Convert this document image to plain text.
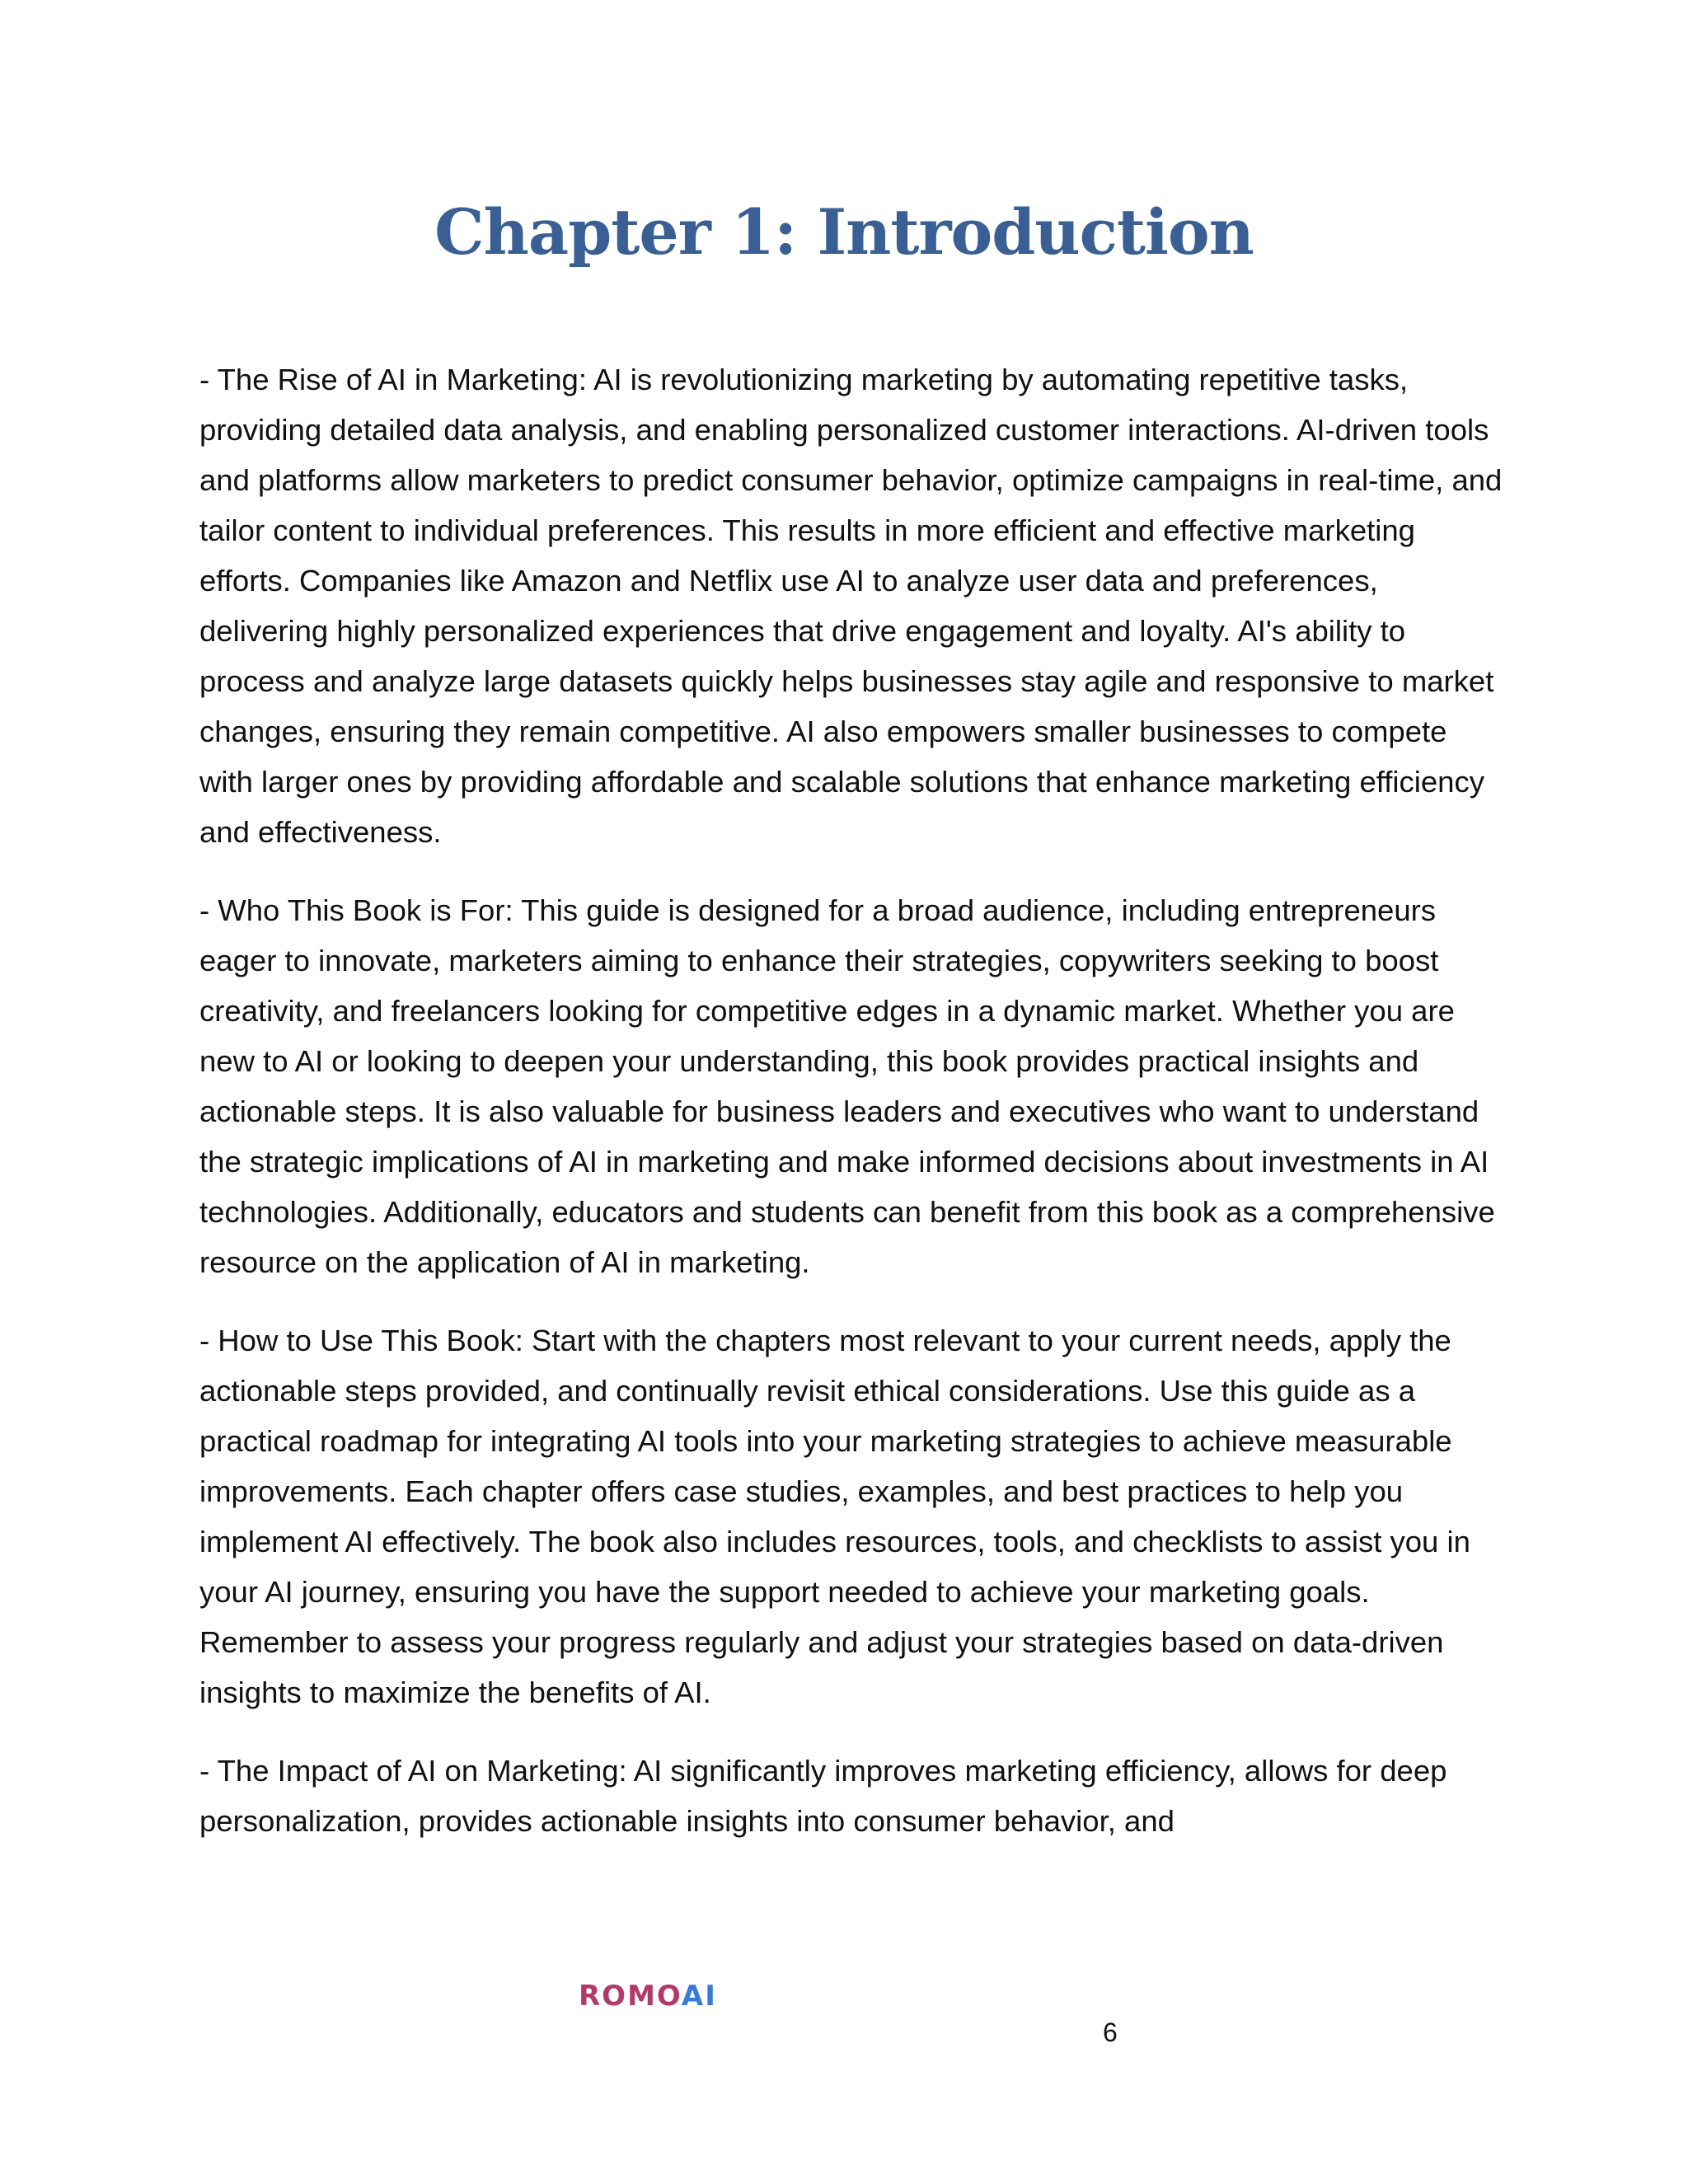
Chapter 1: Introduction

- The Rise of AI in Marketing: AI is revolutionizing marketing by automating repetitive tasks, providing detailed data analysis, and enabling personalized customer interactions. AI-driven tools and platforms allow marketers to predict consumer behavior, optimize campaigns in real-time, and tailor content to individual preferences. This results in more efficient and effective marketing efforts. Companies like Amazon and Netflix use AI to analyze user data and preferences, delivering highly personalized experiences that drive engagement and loyalty. AI's ability to process and analyze large datasets quickly helps businesses stay agile and responsive to market changes, ensuring they remain competitive. AI also empowers smaller businesses to compete with larger ones by providing affordable and scalable solutions that enhance marketing efficiency and effectiveness.

- Who This Book is For: This guide is designed for a broad audience, including entrepreneurs eager to innovate, marketers aiming to enhance their strategies, copywriters seeking to boost creativity, and freelancers looking for competitive edges in a dynamic market. Whether you are new to AI or looking to deepen your understanding, this book provides practical insights and actionable steps. It is also valuable for business leaders and executives who want to understand the strategic implications of AI in marketing and make informed decisions about investments in AI technologies. Additionally, educators and students can benefit from this book as a comprehensive resource on the application of AI in marketing.

- How to Use This Book: Start with the chapters most relevant to your current needs, apply the actionable steps provided, and continually revisit ethical considerations. Use this guide as a practical roadmap for integrating AI tools into your marketing strategies to achieve measurable improvements. Each chapter offers case studies, examples, and best practices to help you implement AI effectively. The book also includes resources, tools, and checklists to assist you in your AI journey, ensuring you have the support needed to achieve your marketing goals. Remember to assess your progress regularly and adjust your strategies based on data-driven insights to maximize the benefits of AI.

- The Impact of AI on Marketing: AI significantly improves marketing efficiency, allows for deep personalization, provides actionable insights into consumer behavior, and

ROMOAI
6
